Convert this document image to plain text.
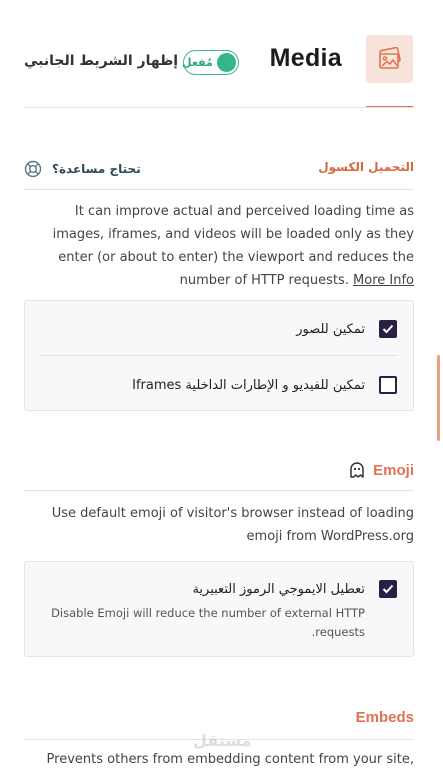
Media
مُفعل
إظهار الشريط الجانبي
التحميل الكسول
تحتاج مساعدة؟
It can improve actual and perceived loading time as images, iframes, and videos will be loaded only as they enter (or about to enter) the viewport and reduces the number of HTTP requests. More Info
تمكين للصور
تمكين للفيديو و الإطارات الداخلية Iframes
Emoji
Use default emoji of visitor's browser instead of loading emoji from WordPress.org
تعطيل الايموجي الرموز التعبيرية
Disable Emoji will reduce the number of external HTTP requests.
Embeds
Prevents others from embedding content from your site,
مستقل
